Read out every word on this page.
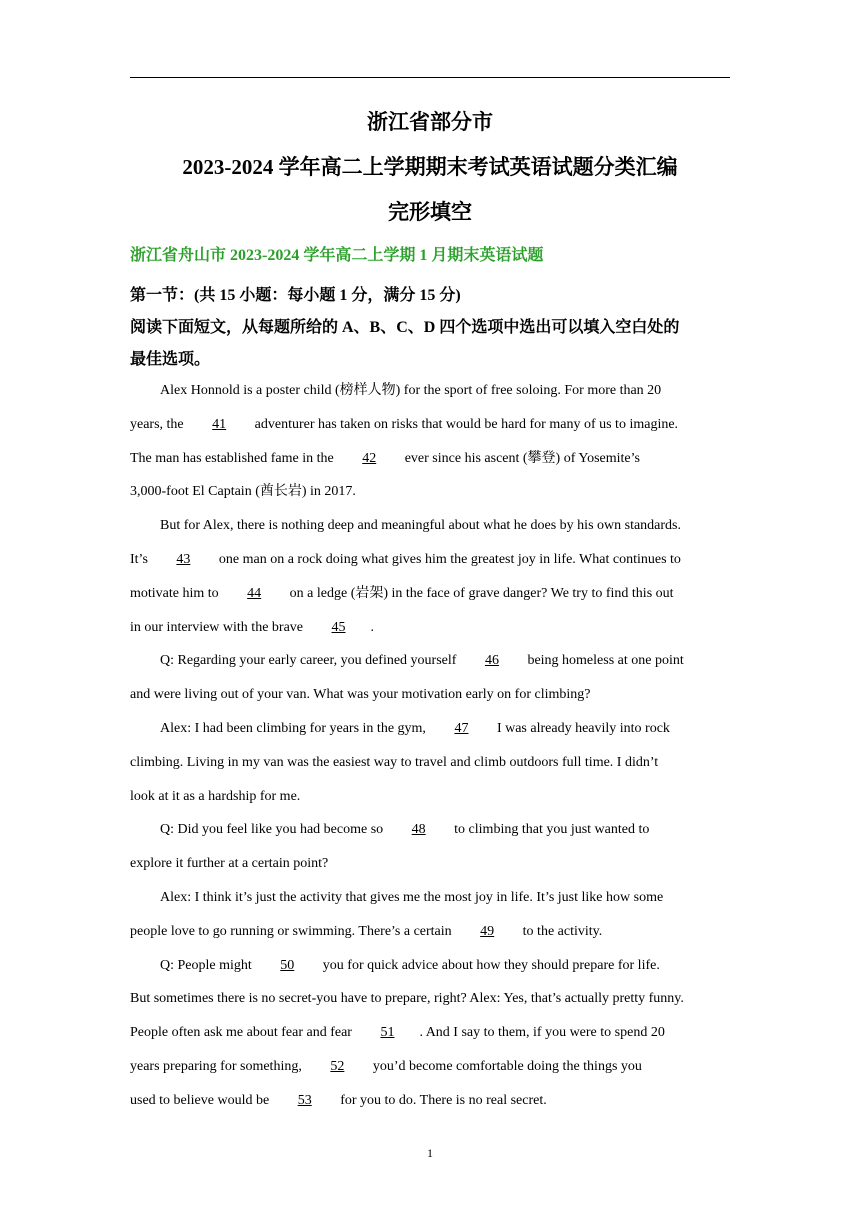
浙江省部分市
2023-2024 学年高二上学期期末考试英语试题分类汇编
完形填空
浙江省舟山市 2023-2024 学年高二上学期 1 月期末英语试题
第一节：(共 15 小题：每小题 1 分，满分 15 分)
阅读下面短文，从每题所给的 A、B、C、D 四个选项中选出可以填入空白处的
最佳选项。
Alex Honnold is a poster child (榜样人物) for the sport of free soloing. For more than 20
years, the 41 adventurer has taken on risks that would be hard for many of us to imagine.
The man has established fame in the 42 ever since his ascent (攀登) of Yosemite’s
3,000-foot El Captain (酋长岩) in 2017.
But for Alex, there is nothing deep and meaningful about what he does by his own standards.
It’s 43 one man on a rock doing what gives him the greatest joy in life. What continues to
motivate him to 44 on a ledge (岩架) in the face of grave danger? We try to find this out
in our interview with the brave 45 .
Q: Regarding your early career, you defined yourself 46 being homeless at one point
and were living out of your van. What was your motivation early on for climbing?
Alex: I had been climbing for years in the gym, 47 I was already heavily into rock
climbing. Living in my van was the easiest way to travel and climb outdoors full time. I didn’t
look at it as a hardship for me.
Q: Did you feel like you had become so 48 to climbing that you just wanted to
explore it further at a certain point?
Alex: I think it’s just the activity that gives me the most joy in life. It’s just like how some
people love to go running or swimming. There’s a certain 49 to the activity.
Q: People might 50 you for quick advice about how they should prepare for life.
But sometimes there is no secret-you have to prepare, right? Alex: Yes, that’s actually pretty funny.
People often ask me about fear and fear 51 . And I say to them, if you were to spend 20
years preparing for something, 52 you’d become comfortable doing the things you
used to believe would be 53 for you to do. There is no real secret.
1
